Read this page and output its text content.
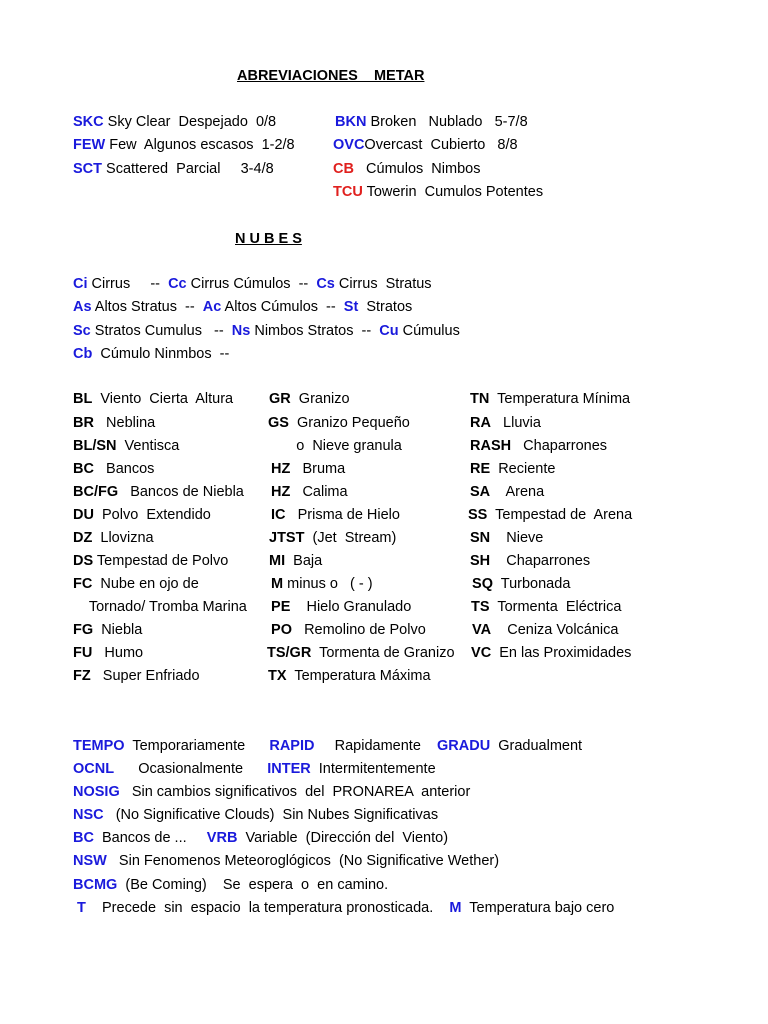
ABREVIACIONES    METAR
SKC Sky Clear  Despejado  0/8
FEW Few  Algunos escasos  1-2/8
SCT Scattered  Parcial     3-4/8
BKN Broken   Nublado   5-7/8
OVCOvercast  Cubierto   8/8
CB   Cúmulos  Nimbos
TCU Towerin  Cumulos Potentes
N U B E S
Ci Cirrus     --  Cc Cirrus Cúmulos  --  Cs Cirrus  Stratus
As Altos Stratus  --  Ac Altos Cúmulos  --  St  Stratos
Sc Stratos Cumulus   --  Ns Nimbos Stratos  --  Cu Cúmulus
Cb  Cúmulo Ninmbos  --
BL  Viento  Cierta  Altura
BR   Neblina
BL/SN  Ventisca
BC   Bancos
BC/FG   Bancos de Niebla
DU  Polvo  Extendido
DZ  Llovizna
DS Tempestad de Polvo
FC  Nube en ojo de
Tornado/ Tromba Marina
FG  Niebla
FU   Humo
FZ   Super Enfriado
GR  Granizo
GS  Granizo Pequeño
o  Nieve granula
HZ   Bruma
HZ   Calima
IC   Prisma de Hielo
JTST  (Jet  Stream)
MI  Baja
M minus o   ( - )
PE    Hielo Granulado
PO   Remolino de Polvo
TS/GR  Tormenta de Granizo
TX  Temperatura Máxima
TN  Temperatura Mínima
RA   Lluvia
RASH   Chaparrones
RE  Reciente
SA    Arena
SS  Tempestad de  Arena
SN    Nieve
SH    Chaparrones
SQ  Turbonada
TS  Tormenta  Eléctrica
VA    Ceniza Volcánica
VC  En las Proximidades
TEMPO  Temporariamente      RAPID     Rapidamente    GRADU  Gradualment
OCNL      Ocasionalmente      INTER  Intermitentemente
NOSIG   Sin cambios significativos  del  PRONAREA  anterior
NSC   (No Significative Clouds)  Sin Nubes Significativas
BC  Bancos de ...     VRB  Variable  (Dirección del  Viento)
NSW   Sin Fenomenos Meteoroglógicos  (No Significative Wether)
BCMG  (Be Coming)    Se  espera  o  en camino.
T    Precede  sin  espacio  la temperatura pronosticada.    M  Temperatura bajo cero
